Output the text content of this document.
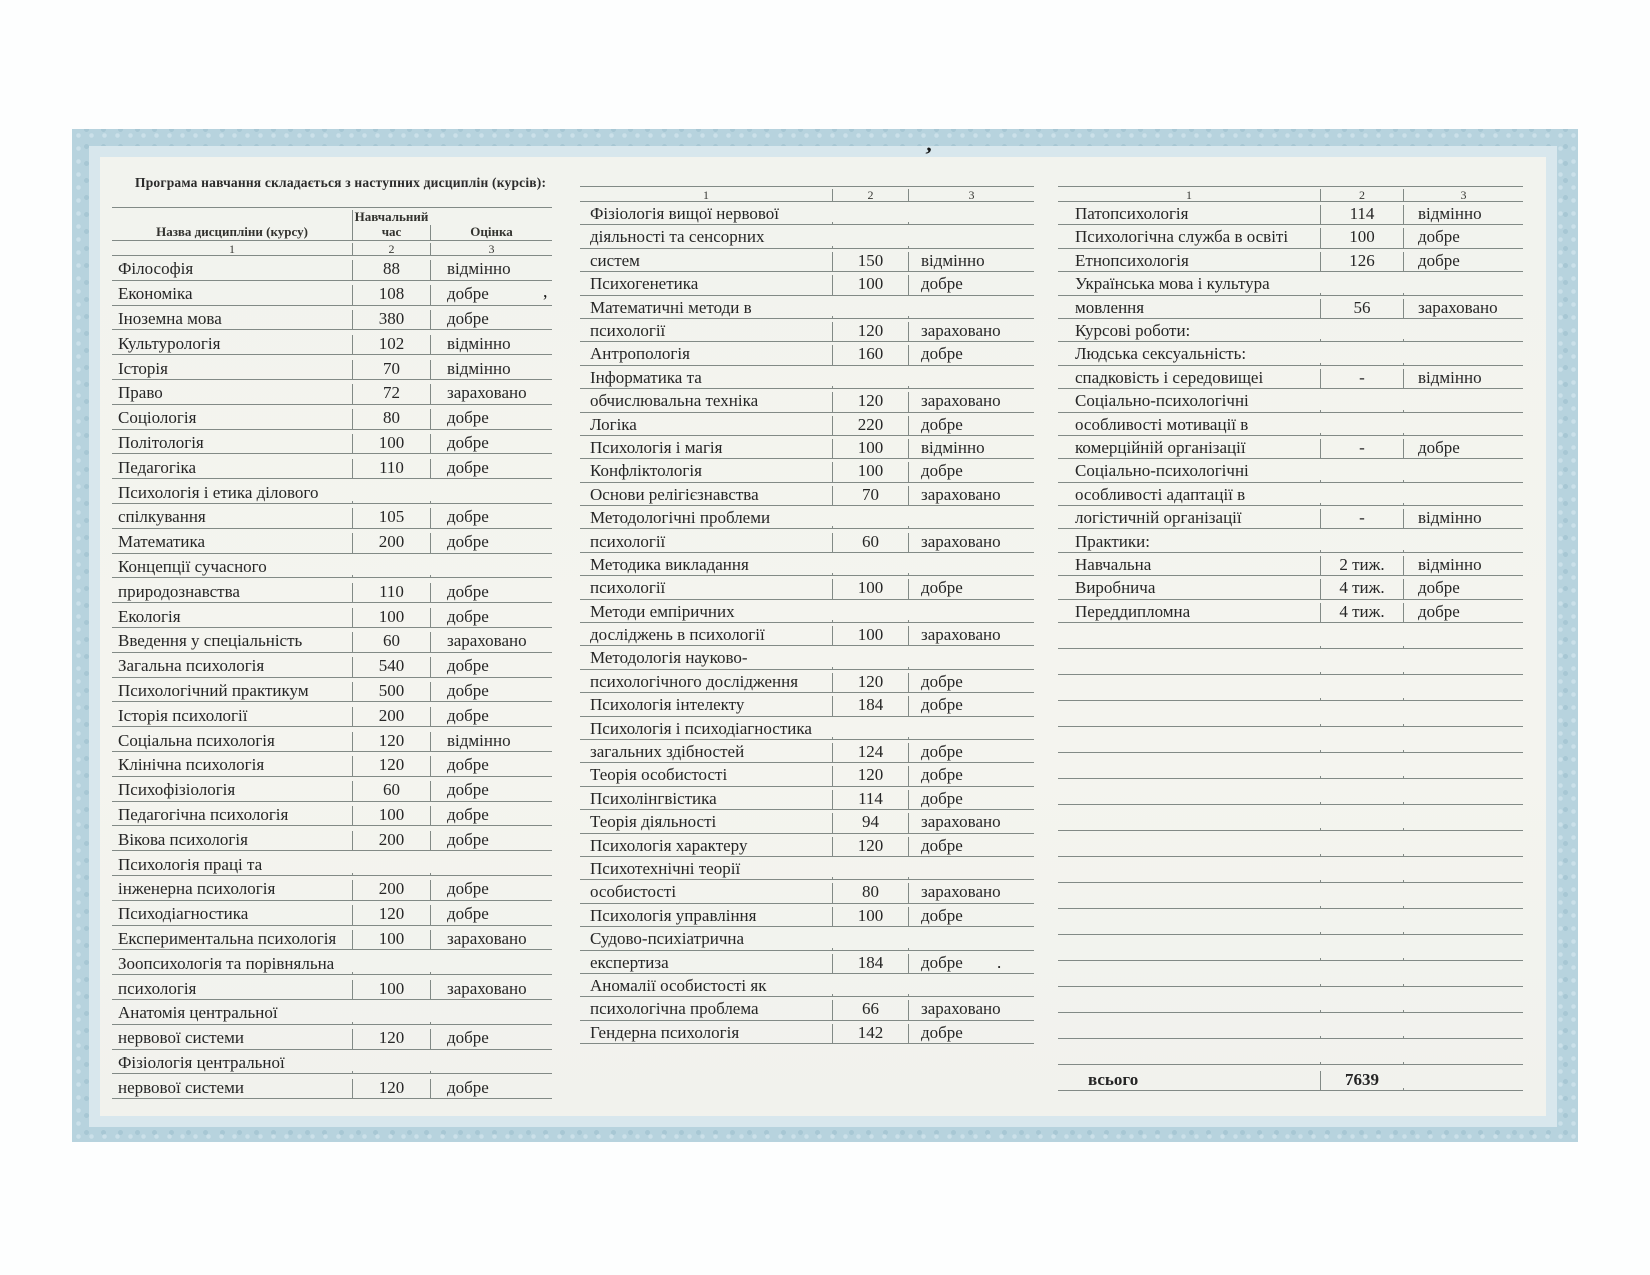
Програма навчання складається з наступних дисциплін (курсів):
Назва дисципліни (курсу)
Навчальний час	Оцінка
1	2	3
Філософія	88	відмінно
Економіка	108	добре
Іноземна мова	380	добре
Культурологія	102	відмінно
Історія	70	відмінно
Право	72	зараховано
Соціологія	80	добре
Політологія	100	добре
Педагогіка	110	добре
Психологія і етика ділового
спілкування	105	добре
Математика	200	добре
Концепції сучасного
природознавства	110	добре
Екологія	100	добре
Введення у спеціальність	60	зараховано
Загальна психологія	540	добре
Психологічний практикум	500	добре
Історія психології	200	добре
Соціальна психологія	120	відмінно
Клінічна психологія	120	добре
Психофізіологія	60	добре
Педагогічна психологія	100	добре
Вікова психологія	200	добре
Психологія праці та
інженерна психологія	200	добре
Психодіагностика	120	добре
Експериментальна психологія	100	зараховано
Зоопсихологія та порівняльна
психологія	100	зараховано
Анатомія центральної
нервової системи	120	добре
Фізіологія центральної
нервової системи	120	добре
1	2	3
Фізіологія вищої нервової
діяльності та сенсорних
систем	150	відмінно
Психогенетика	100	добре
Математичні методи в
психології	120	зараховано
Антропологія	160	добре
Інформатика та
обчислювальна техніка	120	зараховано
Логіка	220	добре
Психологія і магія	100	відмінно
Конфліктологія	100	добре
Основи релігієзнавства	70	зараховано
Методологічні проблеми
психології	60	зараховано
Методика викладання
психології	100	добре
Методи емпіричних
досліджень в психології	100	зараховано
Методологія науково-
психологічного дослідження	120	добре
Психологія інтелекту	184	добре
Психологія і психодіагностика
загальних здібностей	124	добре
Теорія особистості	120	добре
Психолінгвістика	114	добре
Теорія діяльності	94	зараховано
Психологія характеру	120	добре
Психотехнічні теорії
особистості	80	зараховано
Психологія управління	100	добре
Судово-психіатрична
експертиза	184	добре
Аномалії особистості як
психологічна проблема	66	зараховано
Гендерна психологія	142	добре
1	2	3
Патопсихологія	114	відмінно
Психологічна служба в освіті	100	добре
Етнопсихологія	126	добре
Українська мова і культура
мовлення	56	зараховано
Курсові роботи:
Людська сексуальність:
спадковість і середовищеі	-	відмінно
Соціально-психологічні
особливості мотивації в
комерційній організації	-	добре
Соціально-психологічні
особливості адаптації в
логістичній організації	-	відмінно
Практики:
Навчальна	2 тиж.	відмінно
Виробнича	4 тиж.	добре
Переддипломна	4 тиж.	добре
всього	7639
’
,
.
